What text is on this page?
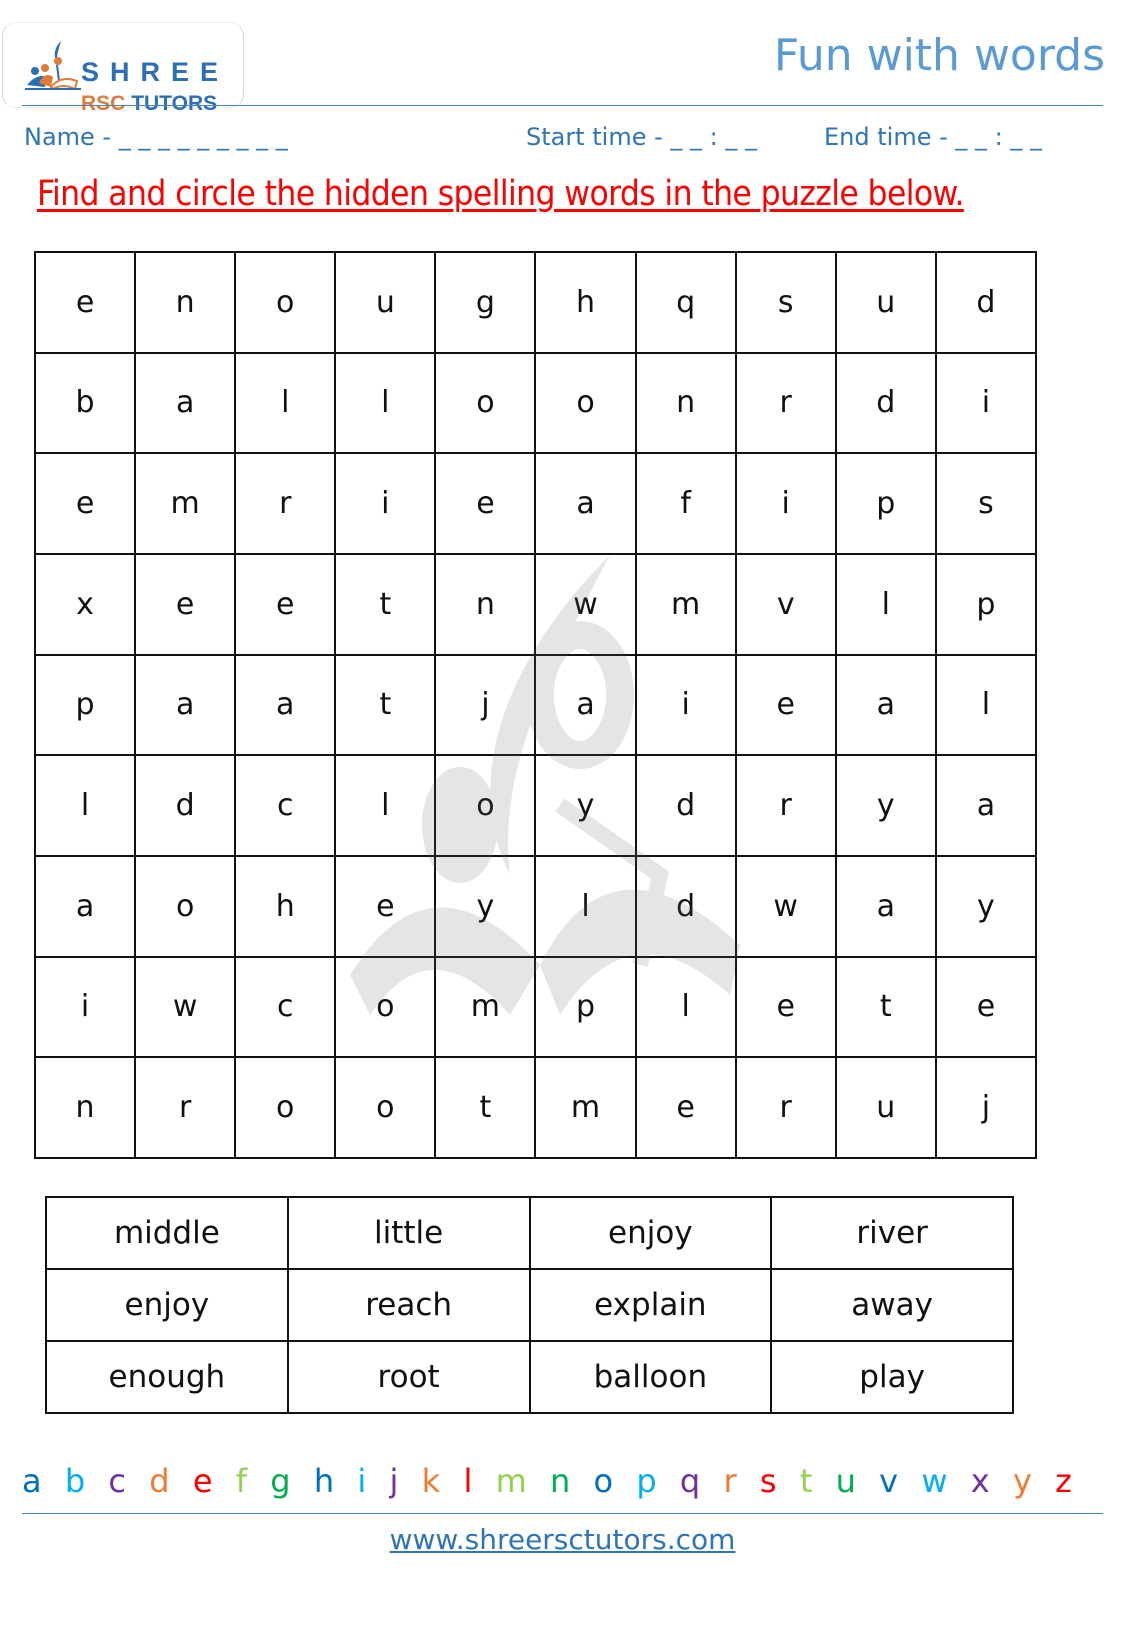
SHREE
RSC TUTORS
Fun with words
Name - _ _ _ _ _ _ _ _ _	Start time - _ _ : _ _	End time - _ _ : _ _
Find and circle the hidden spelling words in the puzzle below.
e	n	o	u	g	h	q	s	u	d
b	a	l	l	o	o	n	r	d	i
e	m	r	i	e	a	f	i	p	s
x	e	e	t	n	w	m	v	l	p
p	a	a	t	j	a	i	e	a	l
l	d	c	l	o	y	d	r	y	a
a	o	h	e	y	l	d	w	a	y
i	w	c	o	m	p	l	e	t	e
n	r	o	o	t	m	e	r	u	j
middle	little	enjoy	river
enjoy	reach	explain	away
enough	root	balloon	play
a b c d e f g h i j k l m n o p q r s t u v w x y z
www.shreersctutors.com
